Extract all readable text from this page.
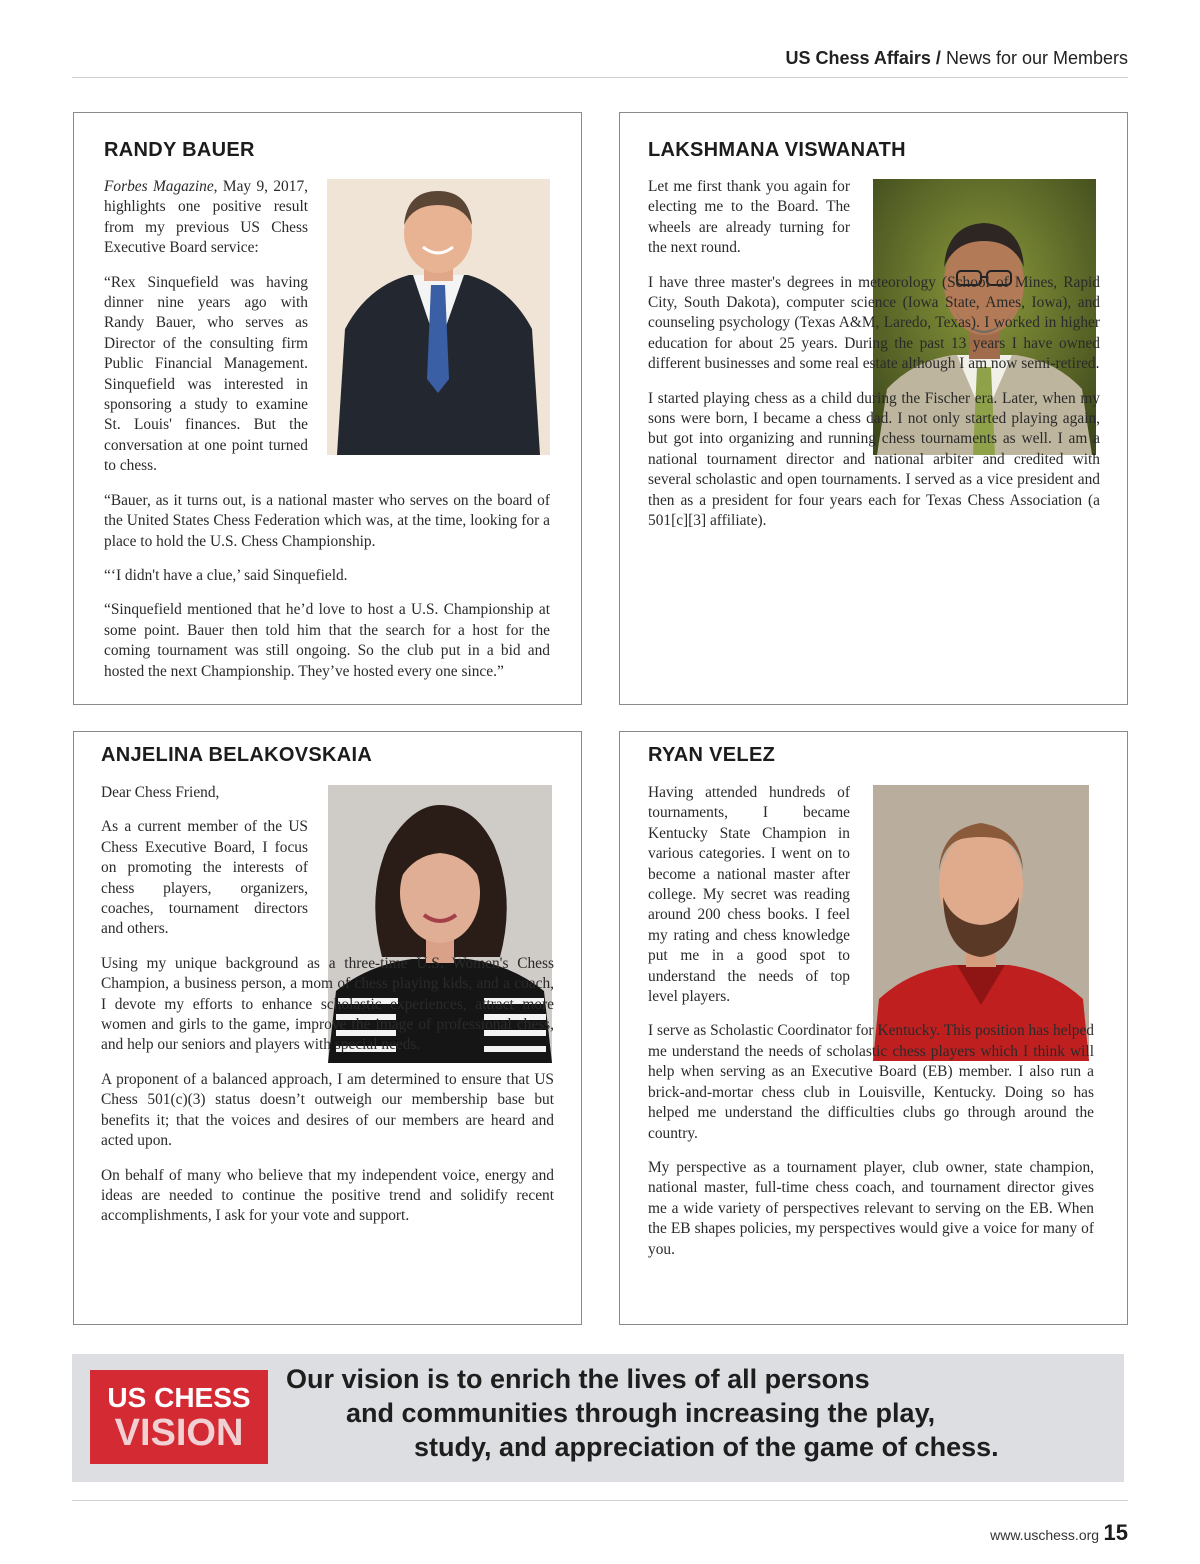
US Chess Affairs / News for our Members
RANDY BAUER

Forbes Magazine, May 9, 2017, highlights one positive result from my previous US Chess Executive Board service:

“Rex Sinquefield was having dinner nine years ago with Randy Bauer, who serves as Director of the consulting firm Public Financial Management. Sinquefield was interested in sponsoring a study to examine St. Louis' finances. But the conversation at one point turned to chess.

“Bauer, as it turns out, is a national master who serves on the board of the United States Chess Federation which was, at the time, looking for a place to hold the U.S. Chess Championship.

“‘I didn't have a clue,’ said Sinquefield.

“Sinquefield mentioned that he’d love to host a U.S. Championship at some point. Bauer then told him that the search for a host for the coming tournament was still ongoing. So the club put in a bid and hosted the next Championship. They’ve hosted every one since.”

LAKSHMANA VISWANATH

Let me first thank you again for electing me to the Board. The wheels are already turning for the next round.

I have three master's degrees in meteorology (School of Mines, Rapid City, South Dakota), computer science (Iowa State, Ames, Iowa), and counseling psychology (Texas A&M, Laredo, Texas). I worked in higher education for about 25 years. During the past 13 years I have owned different businesses and some real estate although I am now semi-retired.

I started playing chess as a child during the Fischer era. Later, when my sons were born, I became a chess dad. I not only started playing again, but got into organizing and running chess tournaments as well. I am a national tournament director and national arbiter and credited with several scholastic and open tournaments. I served as a vice president and then as a president for four years each for Texas Chess Association (a 501[c][3] affiliate).

ANJELINA BELAKOVSKAIA

Dear Chess Friend,

As a current member of the US Chess Executive Board, I focus on promoting the interests of chess players, organizers, coaches, tournament directors and others.

Using my unique background as a three-time U.S. Women's Chess Champion, a business person, a mom of chess playing kids, and a coach, I devote my efforts to enhance scholastic experiences, attract more women and girls to the game, improve the image of professional chess, and help our seniors and players with special needs.

A proponent of a balanced approach, I am determined to ensure that US Chess 501(c)(3) status doesn’t outweigh our membership base but benefits it; that the voices and desires of our members are heard and acted upon.

On behalf of many who believe that my independent voice, energy and ideas are needed to continue the positive trend and solidify recent accomplishments, I ask for your vote and support.

RYAN VELEZ

Having attended hundreds of tournaments, I became Kentucky State Champion in various categories. I went on to become a national master after college. My secret was reading around 200 chess books. I feel my rating and chess knowledge put me in a good spot to understand the needs of top level players.

I serve as Scholastic Coordinator for Kentucky. This position has helped me understand the needs of scholastic chess players which I think will help when serving as an Executive Board (EB) member. I also run a brick-and-mortar chess club in Louisville, Kentucky. Doing so has helped me understand the difficulties clubs go through around the country.

My perspective as a tournament player, club owner, state champion, national master, full-time chess coach, and tournament director gives me a wide variety of perspectives relevant to serving on the EB. When the EB shapes policies, my perspectives would give a voice for many of you.

US CHESS
VISION
Our vision is to enrich the lives of all persons
and communities through increasing the play,
study, and appreciation of the game of chess.
www.uschess.org 15
